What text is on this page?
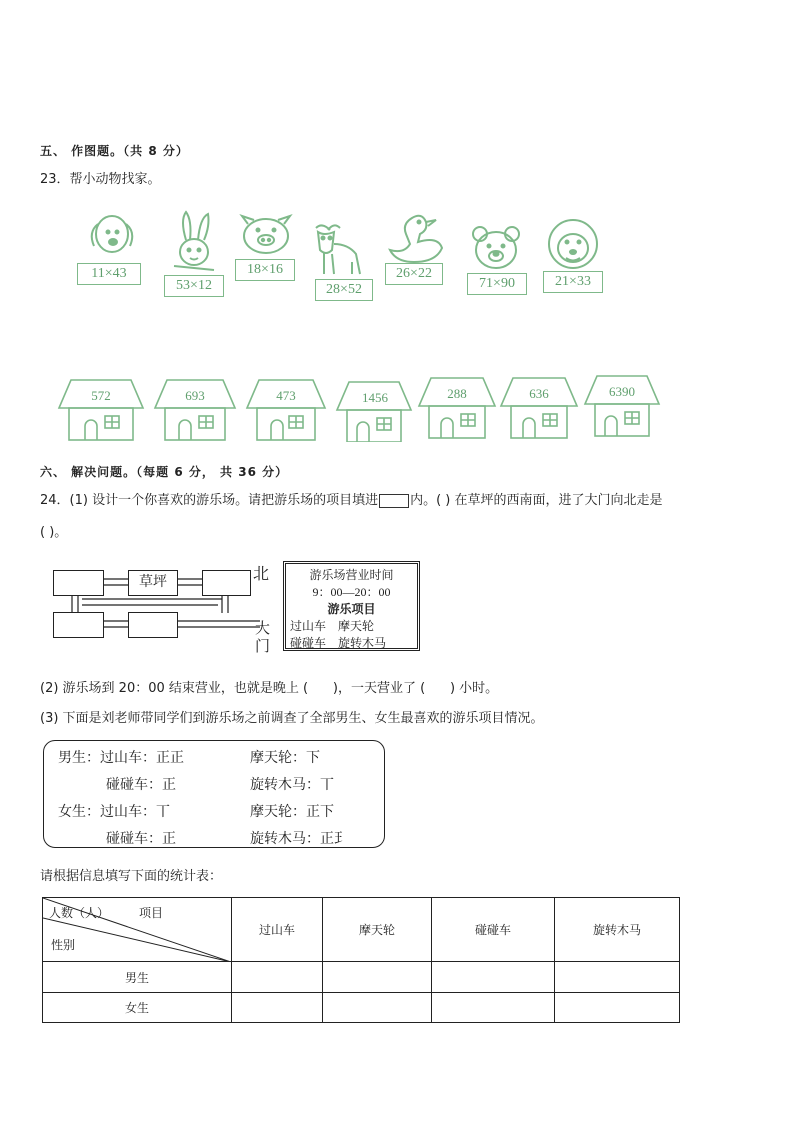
五、 作图题。（共 8 分）
23．帮小动物找家。
11×43
53×12
18×16
28×52
26×22
71×90	21×33
572	693	473	1456	288	636	6390
六、 解决问题。（每题 6 分， 共 36 分）
24．(1) 设计一个你喜欢的游乐场。请把游乐场的项目填进 内。( ) 在草坪的西南面，进了大门向北走是
( )。
草坪	北
大
门
游乐场营业时间
9：00—20：00
游乐项目
过山车    摩天轮
碰碰车    旋转木马
(2) 游乐场到 20：00 结束营业，也就是晚上 (      )，一天营业了 (      ) 小时。
(3) 下面是刘老师带同学们到游乐场之前调查了全部男生、女生最喜欢的游乐项目情况。
男生： 过山车：正正	摩天轮：下
碰碰车：正	旋转木马：丅
女生： 过山车：丅	摩天轮：正下
碰碰车：正	旋转木马：正𤣩
请根据信息填写下面的统计表：
人数（人） 项目
性别	过山车	摩天轮	碰碰车	旋转木马
男生				
女生				
